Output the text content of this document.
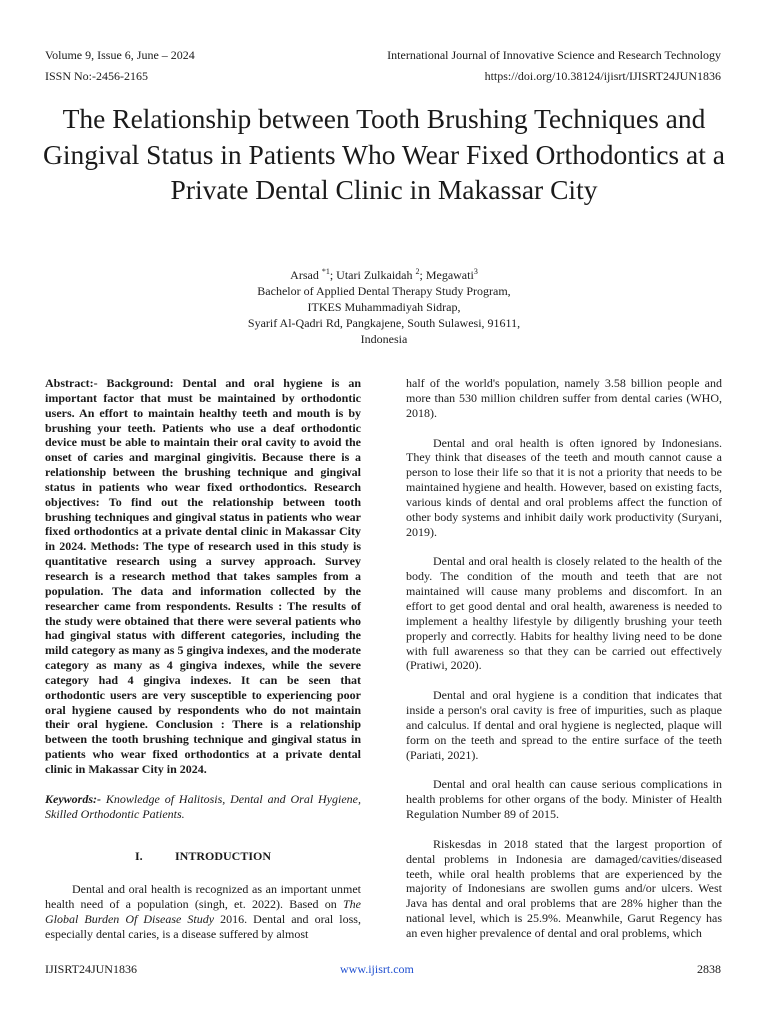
Volume 9, Issue 6, June – 2024
ISSN No:-2456-2165
International Journal of Innovative Science and Research Technology
https://doi.org/10.38124/ijisrt/IJISRT24JUN1836
The Relationship between Tooth Brushing Techniques and Gingival Status in Patients Who Wear Fixed Orthodontics at a Private Dental Clinic in Makassar City
Arsad $^{*1}$; Utari Zulkaidah $^2$; Megawati$^3$
Bachelor of Applied Dental Therapy Study Program,
ITKES Muhammadiyah Sidrap,
Syarif Al-Qadri Rd, Pangkajene, South Sulawesi, 91611,
Indonesia

Abstract:- Background: Dental and oral hygiene is an important factor that must be maintained by orthodontic users. An effort to maintain healthy teeth and mouth is by brushing your teeth. Patients who use a deaf orthodontic device must be able to maintain their oral cavity to avoid the onset of caries and marginal gingivitis. Because there is a relationship between the brushing technique and gingival status in patients who wear fixed orthodontics. Research objectives: To find out the relationship between tooth brushing techniques and gingival status in patients who wear fixed orthodontics at a private dental clinic in Makassar City in 2024. Methods: The type of research used in this study is quantitative research using a survey approach. Survey research is a research method that takes samples from a population. The data and information collected by the researcher came from respondents. Results : The results of the study were obtained that there were several patients who had gingival status with different categories, including the mild category as many as 5 gingiva indexes, and the moderate category as many as 4 gingiva indexes, while the severe category had 4 gingiva indexes. It can be seen that orthodontic users are very susceptible to experiencing poor oral hygiene caused by respondents who do not maintain their oral hygiene. Conclusion : There is a relationship between the tooth brushing technique and gingival status in patients who wear fixed orthodontics at a private dental clinic in Makassar City in 2024.

Keywords:- Knowledge of Halitosis, Dental and Oral Hygiene, Skilled Orthodontic Patients.

I.	INTRODUCTION

Dental and oral health is recognized as an important unmet health need of a population (singh, et. 2022). Based on The Global Burden Of Disease Study 2016. Dental and oral loss, especially dental caries, is a disease suffered by almost

half of the world's population, namely 3.58 billion people and more than 530 million children suffer from dental caries (WHO, 2018).

Dental and oral health is often ignored by Indonesians. They think that diseases of the teeth and mouth cannot cause a person to lose their life so that it is not a priority that needs to be maintained hygiene and health. However, based on existing facts, various kinds of dental and oral problems affect the function of other body systems and inhibit daily work productivity (Suryani, 2019).

Dental and oral health is closely related to the health of the body. The condition of the mouth and teeth that are not maintained will cause many problems and discomfort. In an effort to get good dental and oral health, awareness is needed to implement a healthy lifestyle by diligently brushing your teeth properly and correctly. Habits for healthy living need to be done with full awareness so that they can be carried out effectively (Pratiwi, 2020).

Dental and oral hygiene is a condition that indicates that inside a person's oral cavity is free of impurities, such as plaque and calculus. If dental and oral hygiene is neglected, plaque will form on the teeth and spread to the entire surface of the teeth (Pariati, 2021).

Dental and oral health can cause serious complications in health problems for other organs of the body. Minister of Health Regulation Number 89 of 2015.

Riskesdas in 2018 stated that the largest proportion of dental problems in Indonesia are damaged/cavities/diseased teeth, while oral health problems that are experienced by the majority of Indonesians are swollen gums and/or ulcers. West Java has dental and oral problems that are 28% higher than the national level, which is 25.9%. Meanwhile, Garut Regency has an even higher prevalence of dental and oral problems, which

IJISRT24JUN1836	www.ijisrt.com	2838
